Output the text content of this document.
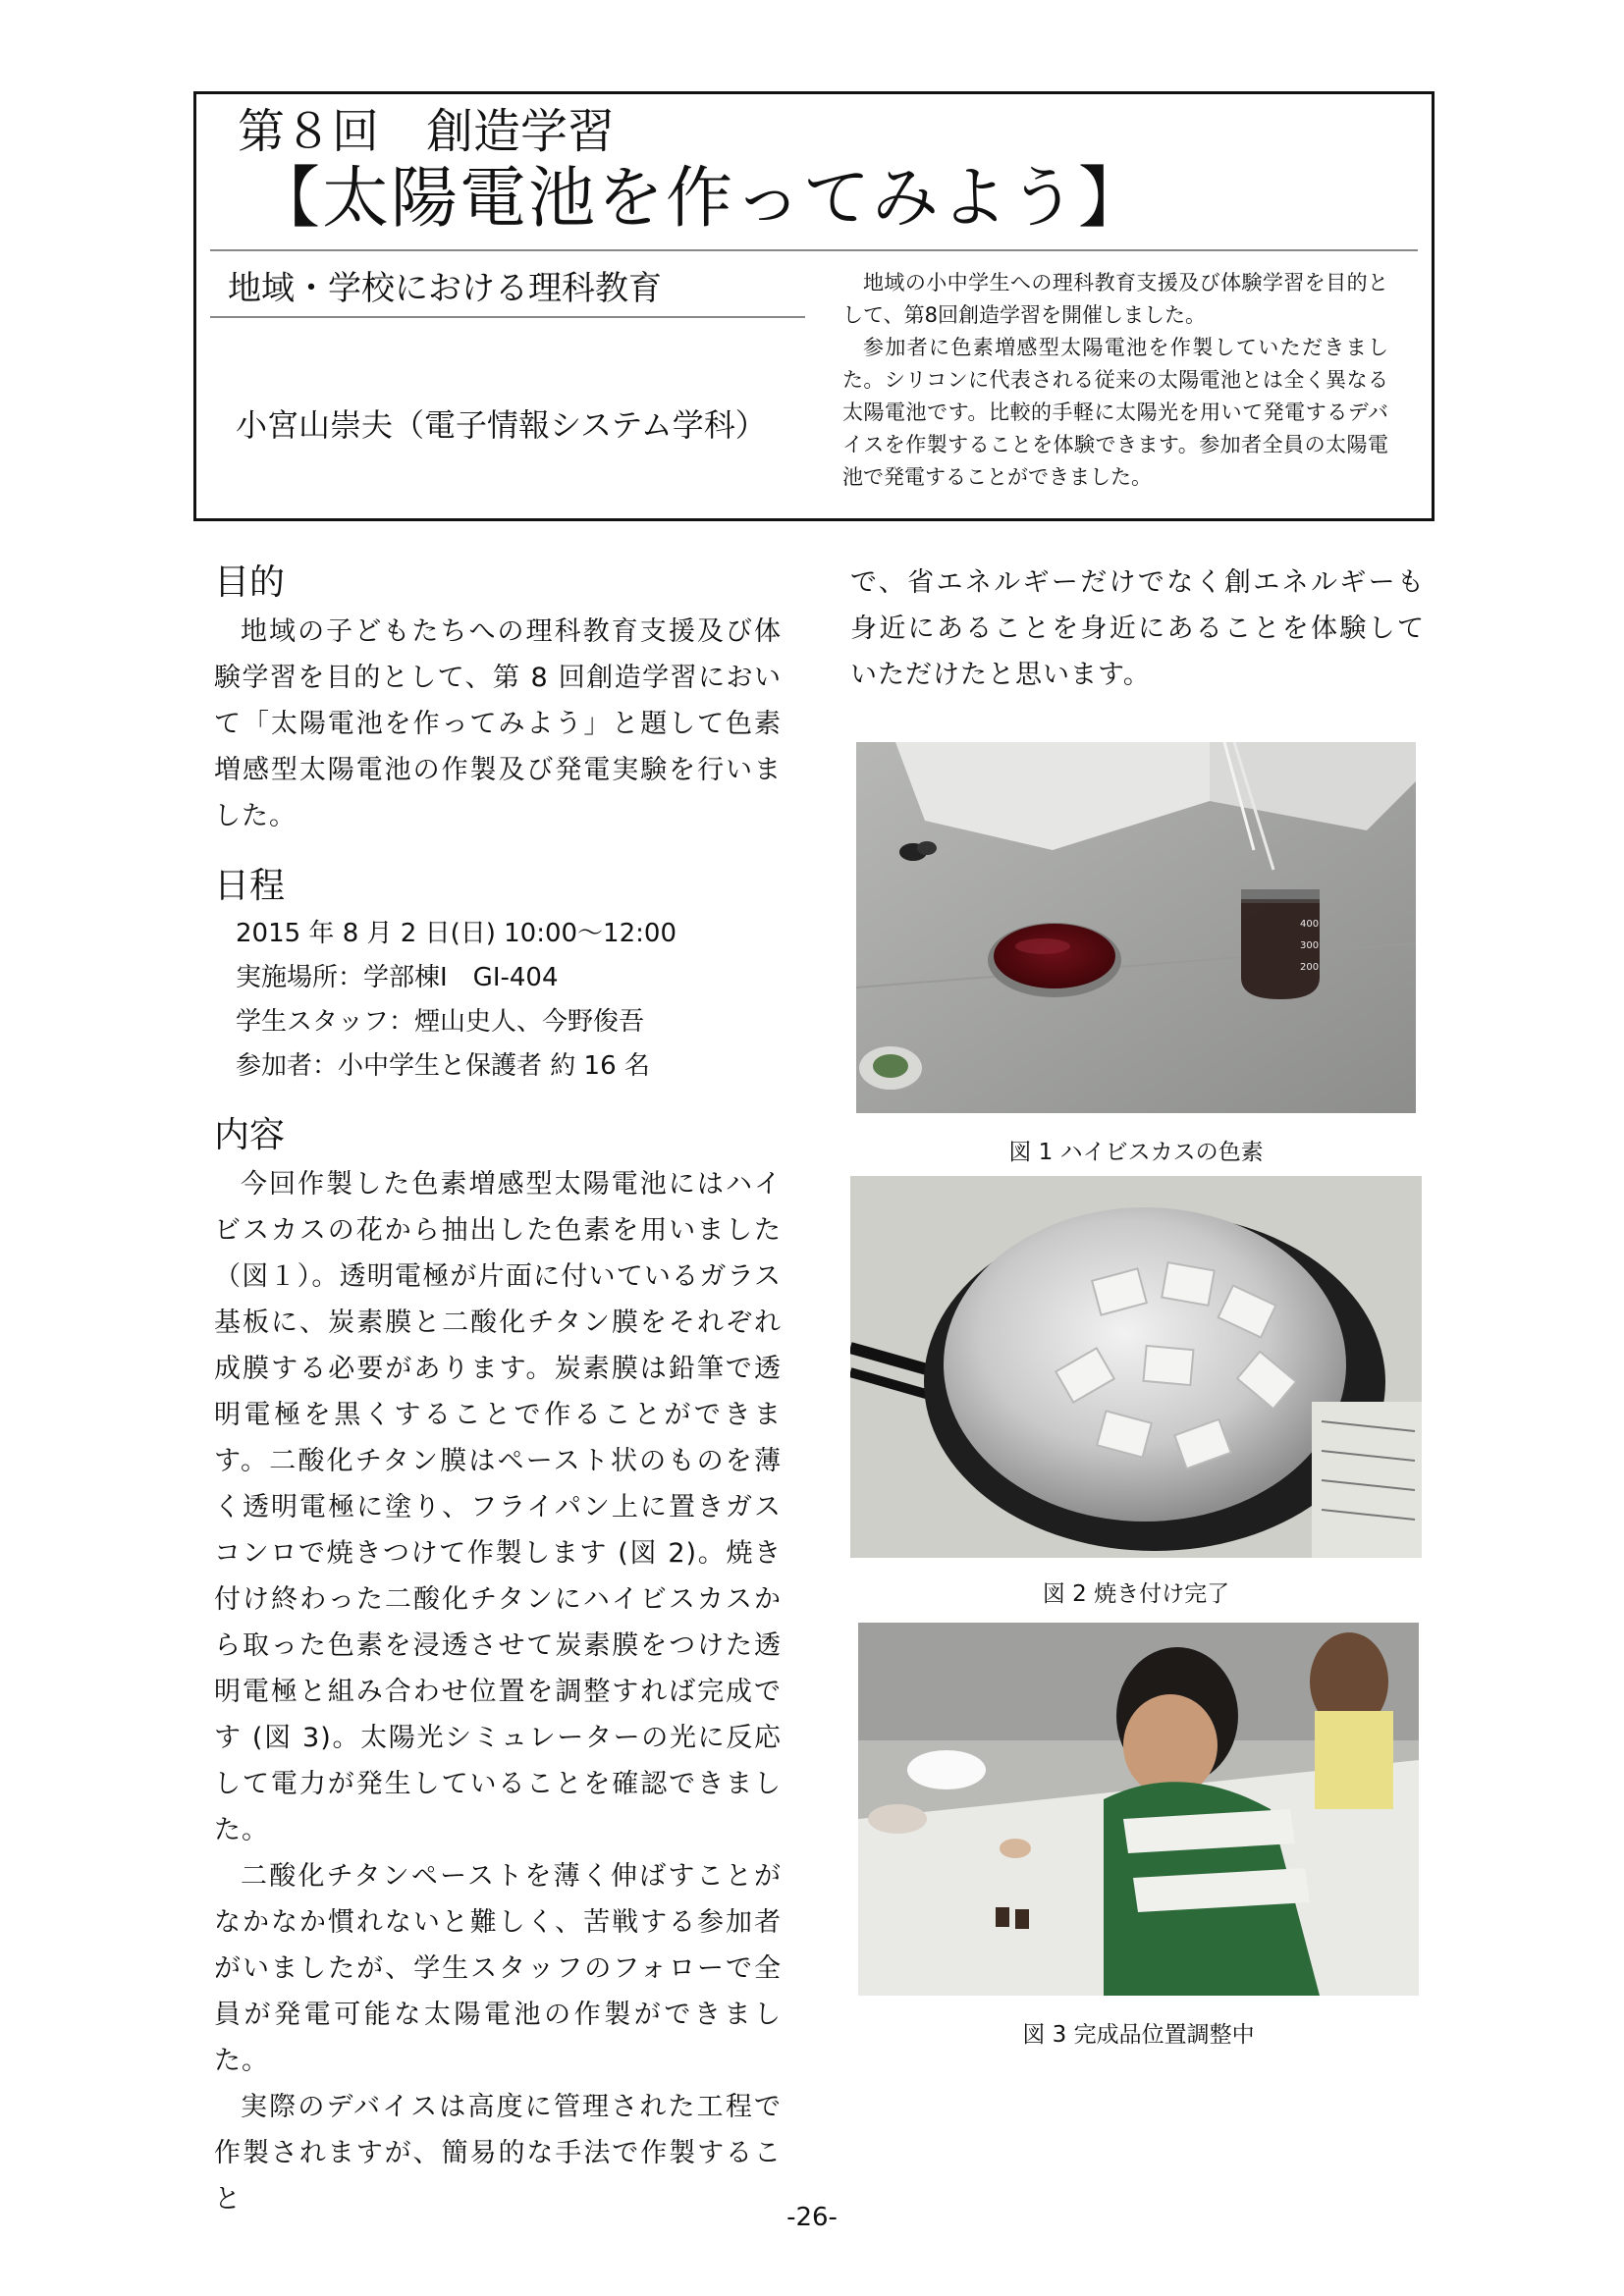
第８回　創造学習
【太陽電池を作ってみよう】
地域・学校における理科教育
小宮山崇夫（電子情報システム学科）

地域の小中学生への理科教育支援及び体験学習を目的として、第8回創造学習を開催しました。

参加者に色素増感型太陽電池を作製していただきました。シリコンに代表される従来の太陽電池とは全く異なる太陽電池です。比較的手軽に太陽光を用いて発電するデバイスを作製することを体験できます。参加者全員の太陽電池で発電することができました。

目的

地域の子どもたちへの理科教育支援及び体験学習を目的として、第 8 回創造学習において「太陽電池を作ってみよう」と題して色素増感型太陽電池の作製及び発電実験を行いました。

日程
2015 年 8 月 2 日(日) 10:00～12:00
実施場所：学部棟Ⅰ　GI-404
学生スタッフ：煙山史人、今野俊吾
参加者：小中学生と保護者 約 16 名
内容

今回作製した色素増感型太陽電池にはハイビスカスの花から抽出した色素を用いました（図１）。透明電極が片面に付いているガラス基板に、炭素膜と二酸化チタン膜をそれぞれ成膜する必要があります。炭素膜は鉛筆で透明電極を黒くすることで作ることができます。二酸化チタン膜はペースト状のものを薄く透明電極に塗り、フライパン上に置きガスコンロで焼きつけて作製します (図 2)。焼き付け終わった二酸化チタンにハイビスカスから取った色素を浸透させて炭素膜をつけた透明電極と組み合わせ位置を調整すれば完成です (図 3)。太陽光シミュレーターの光に反応して電力が発生していることを確認できました。

二酸化チタンペーストを薄く伸ばすことがなかなか慣れないと難しく、苦戦する参加者がいましたが、学生スタッフのフォローで全員が発電可能な太陽電池の作製ができました。

実際のデバイスは高度に管理された工程で作製されますが、簡易的な手法で作製すること

で、省エネルギーだけでなく創エネルギーも身近にあることを身近にあることを体験していただけたと思います。

400
300
200
図 1 ハイビスカスの色素
図 2 焼き付け完了
図 3 完成品位置調整中
-26-
